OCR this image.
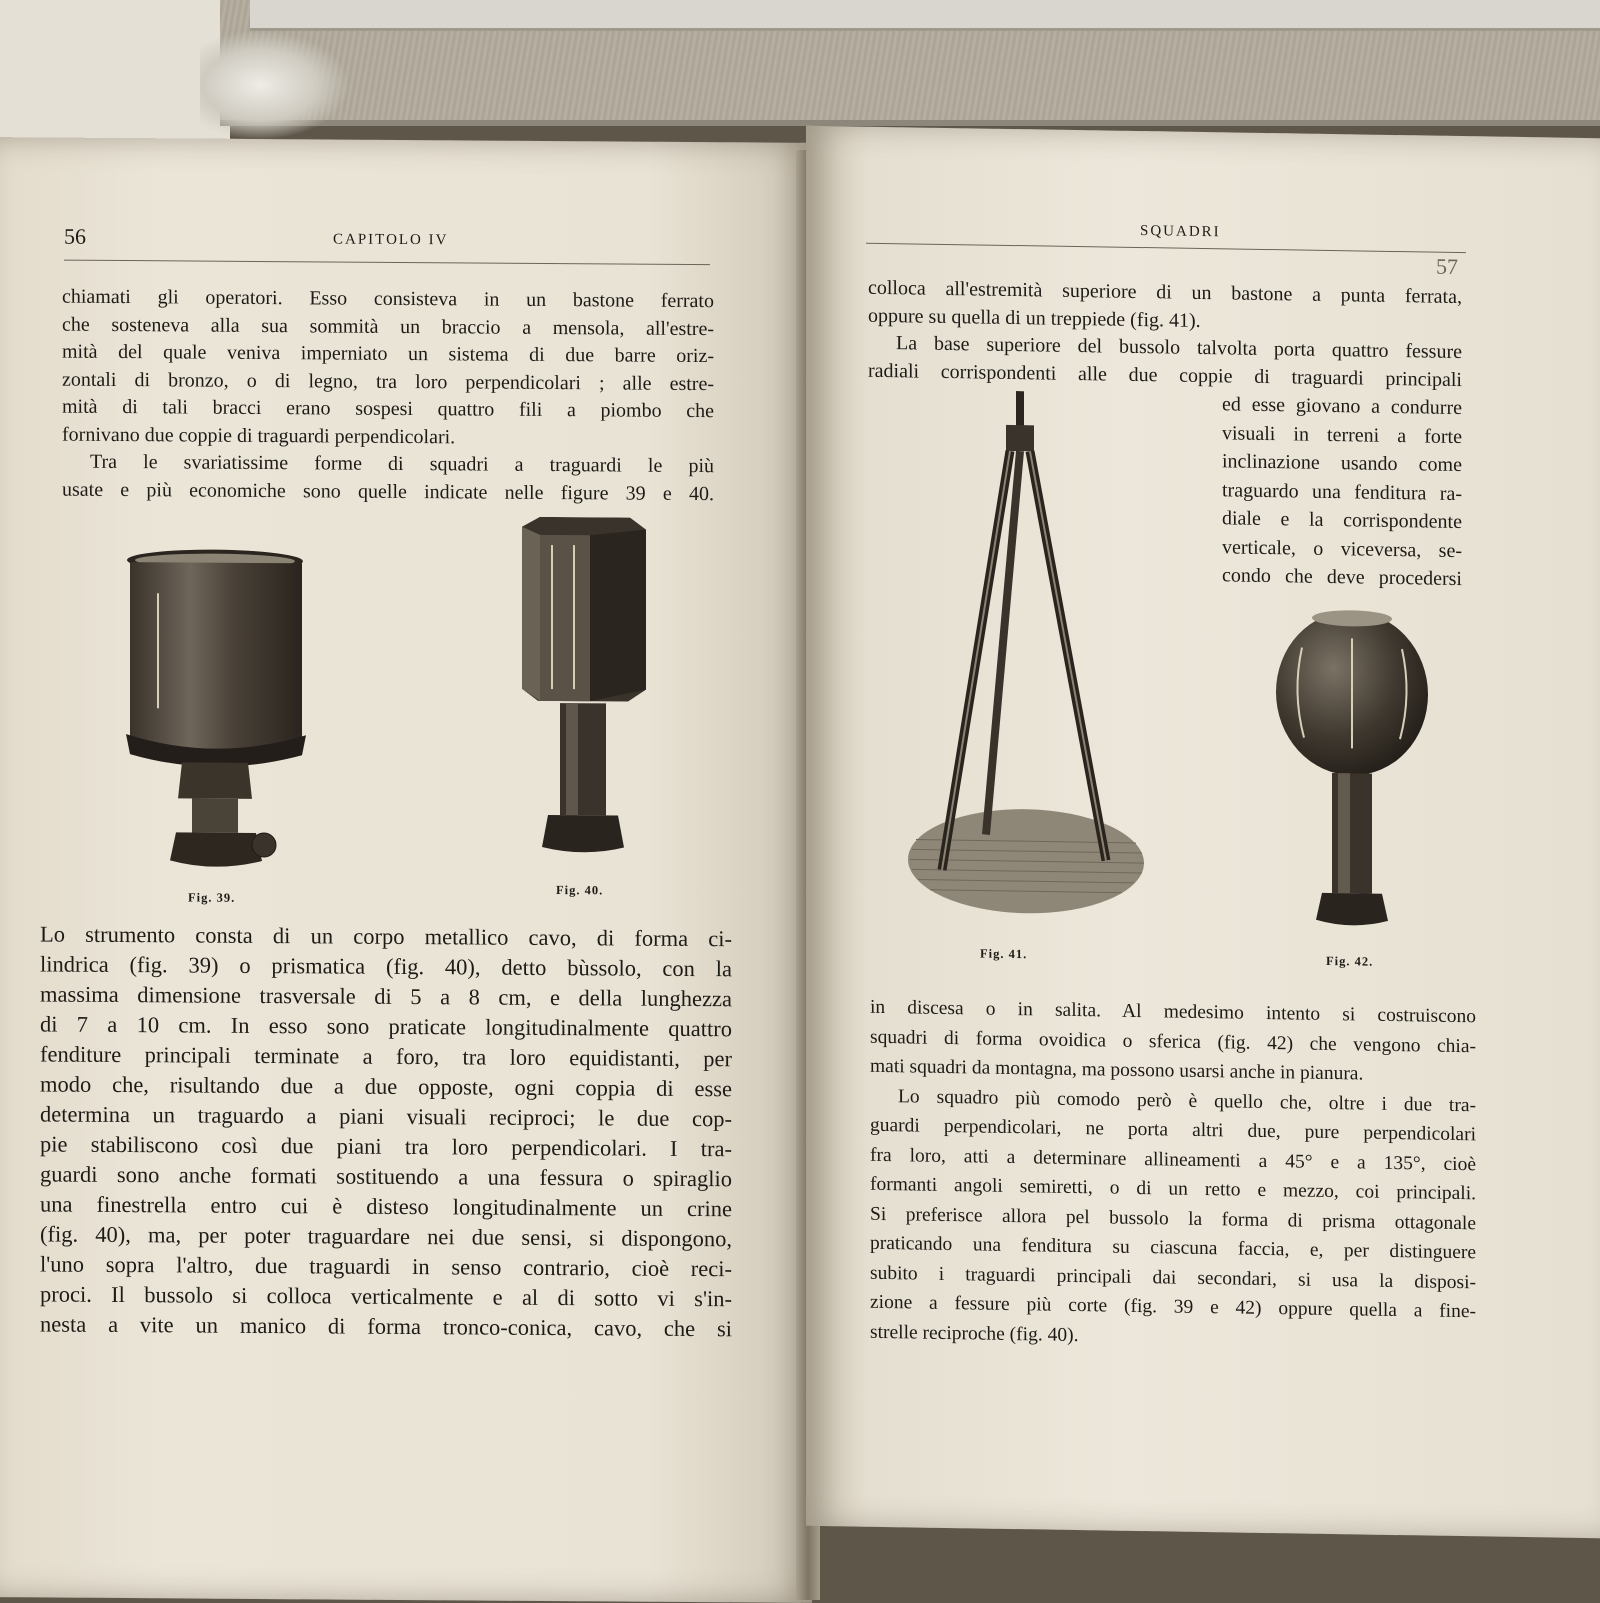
56	CAPITOLO IV
chiamati gli operatori. Esso consisteva in un bastone ferrato
che sosteneva alla sua sommità un braccio a mensola, all'estre-
mità del quale veniva imperniato un sistema di due barre oriz-
zontali di bronzo, o di legno, tra loro perpendicolari ; alle estre-
mità di tali bracci erano sospesi quattro fili a piombo che
fornivano due coppie di traguardi perpendicolari.
Tra le svariatissime forme di squadri a traguardi le più
usate e più economiche sono quelle indicate nelle figure 39 e 40.
Fig. 39.
Fig. 40.
Lo strumento consta di un corpo metallico cavo, di forma ci-
lindrica (fig. 39) o prismatica (fig. 40), detto bùssolo, con la
massima dimensione trasversale di 5 a 8 cm, e della lunghezza
di 7 a 10 cm. In esso sono praticate longitudinalmente quattro
fenditure principali terminate a foro, tra loro equidistanti, per
modo che, risultando due a due opposte, ogni coppia di esse
determina un traguardo a piani visuali reciproci; le due cop-
pie stabiliscono così due piani tra loro perpendicolari. I tra-
guardi sono anche formati sostituendo a una fessura o spiraglio
una finestrella entro cui è disteso longitudinalmente un crine
(fig. 40), ma, per poter traguardare nei due sensi, si dispongono,
l'uno sopra l'altro, due traguardi in senso contrario, cioè reci-
proci. Il bussolo si colloca verticalmente e al di sotto vi s'in-
nesta a vite un manico di forma tronco-conica, cavo, che si
SQUADRI
57
colloca all'estremità superiore di un bastone a punta ferrata,
oppure su quella di un treppiede (fig. 41).
La base superiore del bussolo talvolta porta quattro fessure
radiali corrispondenti alle due coppie di traguardi principali
ed esse giovano a condurre
visuali in terreni a forte
inclinazione usando come
traguardo una fenditura ra-
diale e la corrispondente
verticale, o viceversa, se-
condo che deve procedersi
Fig. 41.
Fig. 42.
in discesa o in salita. Al medesimo intento si costruiscono
squadri di forma ovoidica o sferica (fig. 42) che vengono chia-
mati squadri da montagna, ma possono usarsi anche in pianura.
Lo squadro più comodo però è quello che, oltre i due tra-
guardi perpendicolari, ne porta altri due, pure perpendicolari
fra loro, atti a determinare allineamenti a 45° e a 135°, cioè
formanti angoli semiretti, o di un retto e mezzo, coi principali.
Si preferisce allora pel bussolo la forma di prisma ottagonale
praticando una fenditura su ciascuna faccia, e, per distinguere
subito i traguardi principali dai secondari, si usa la disposi-
zione a fessure più corte (fig. 39 e 42) oppure quella a fine-
strelle reciproche (fig. 40).
